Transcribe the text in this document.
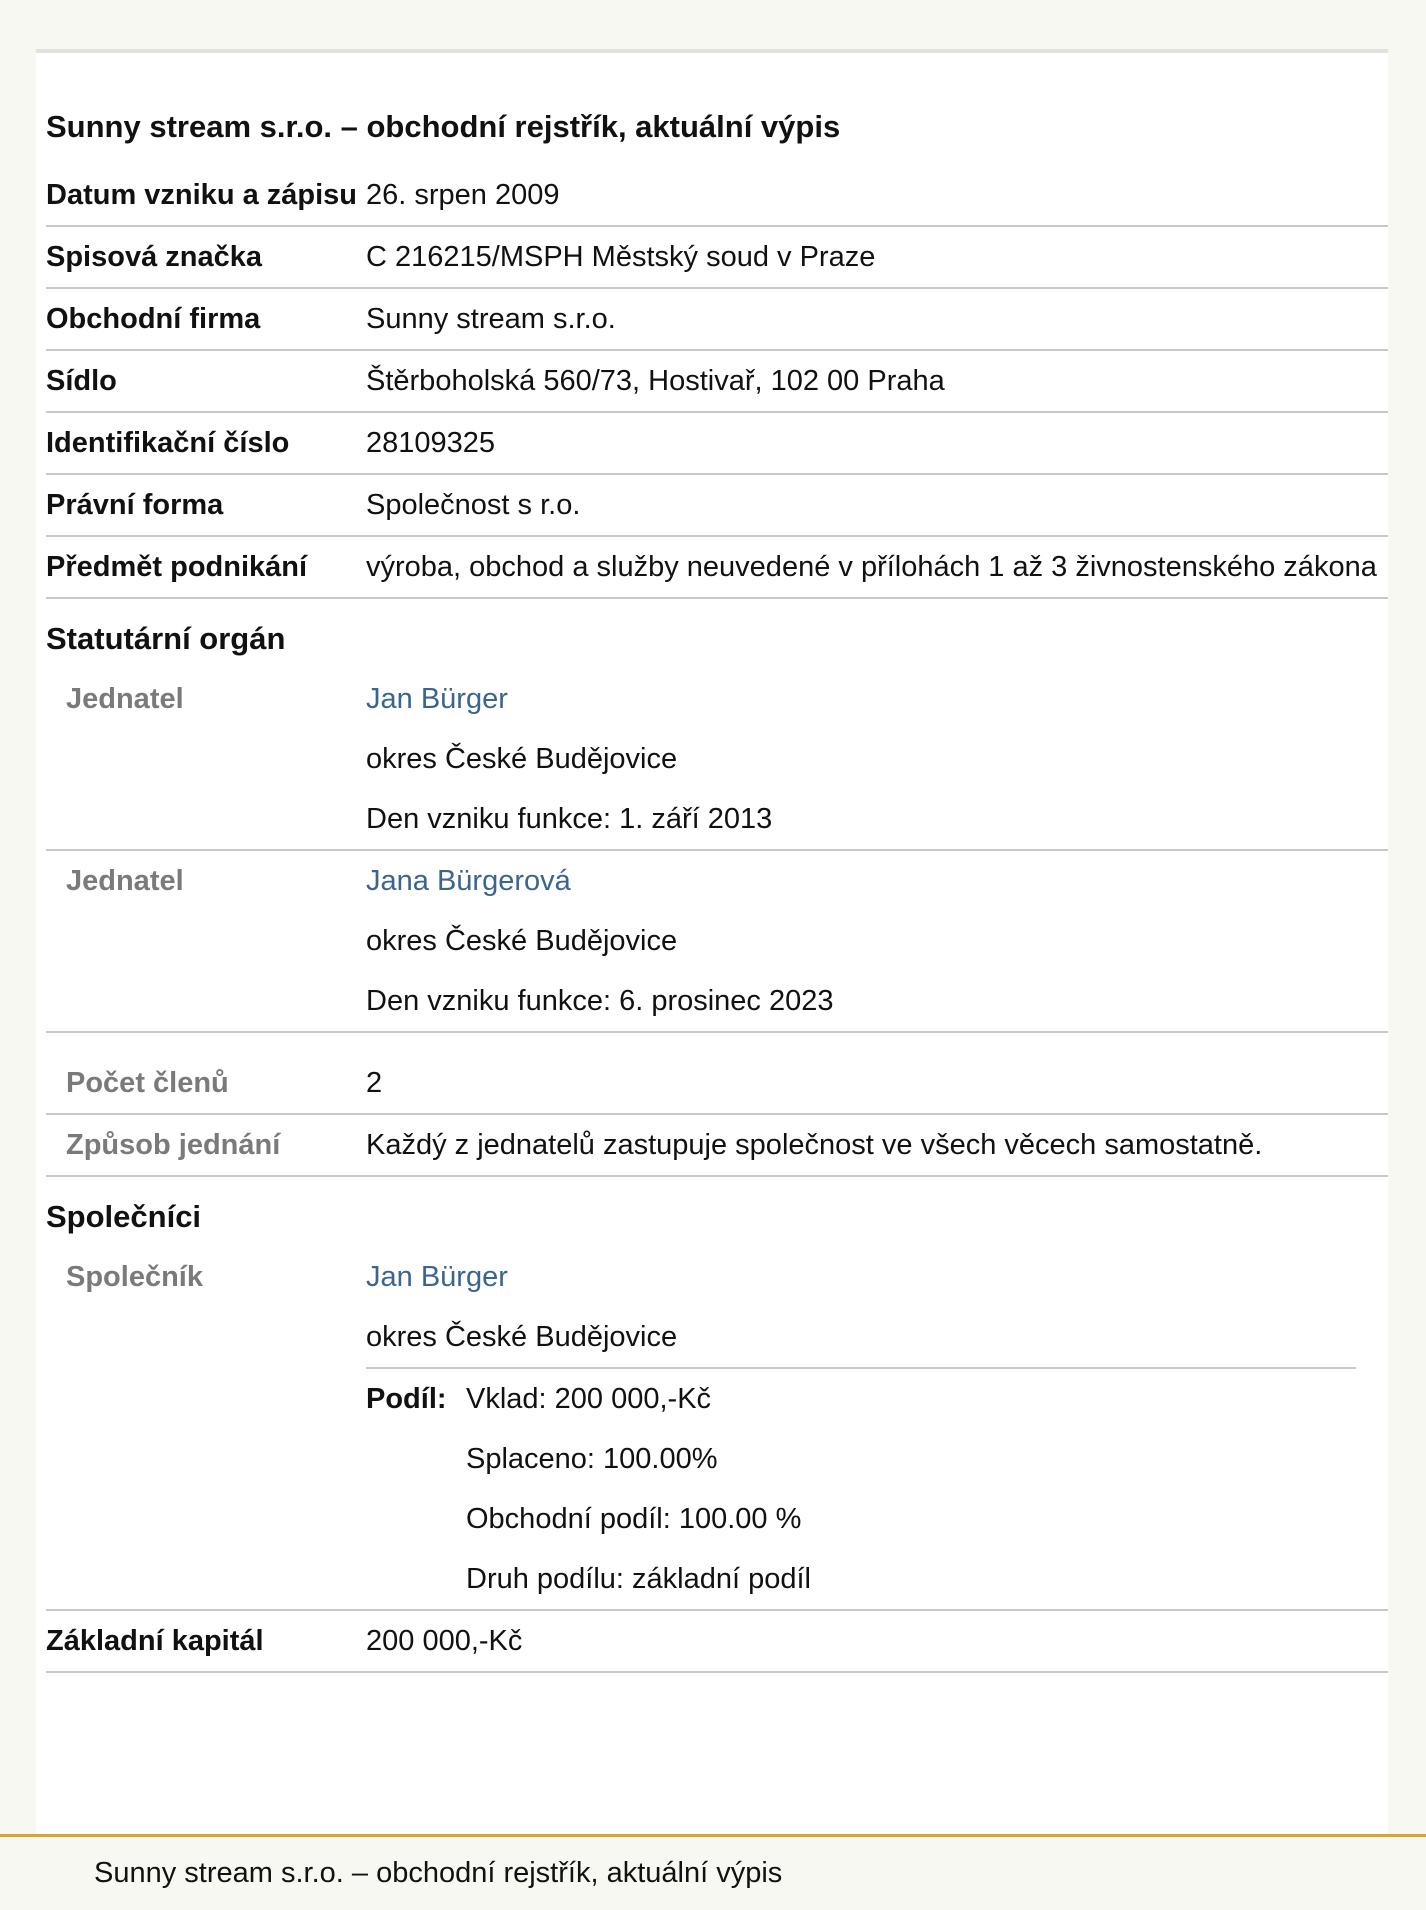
Sunny stream s.r.o. – obchodní rejstřík, aktuální výpis
Datum vzniku a zápisu 26. srpen 2009
Spisová značka	C 216215/MSPH Městský soud v Praze
Obchodní firma	Sunny stream s.r.o.
Sídlo	Štěrboholská 560/73, Hostivař, 102 00 Praha
Identifikační číslo	28109325
Právní forma	Společnost s r.o.
Předmět podnikání	výroba, obchod a služby neuvedené v přílohách 1 až 3 živnostenského zákona
Statutární orgán
Jednatel	Jan Bürger
okres České Budějovice
Den vzniku funkce: 1. září 2013
Jednatel	Jana Bürgerová
okres České Budějovice
Den vzniku funkce: 6. prosinec 2023
Počet členů	2
Způsob jednání	Každý z jednatelů zastupuje společnost ve všech věcech samostatně.
Společníci
Společník	Jan Bürger
okres České Budějovice
Podíl: Vklad: 200 000,-Kč
Splaceno: 100.00%
Obchodní podíl: 100.00 %
Druh podílu: základní podíl
Základní kapitál	200 000,-Kč
Sunny stream s.r.o. – obchodní rejstřík, aktuální výpis
